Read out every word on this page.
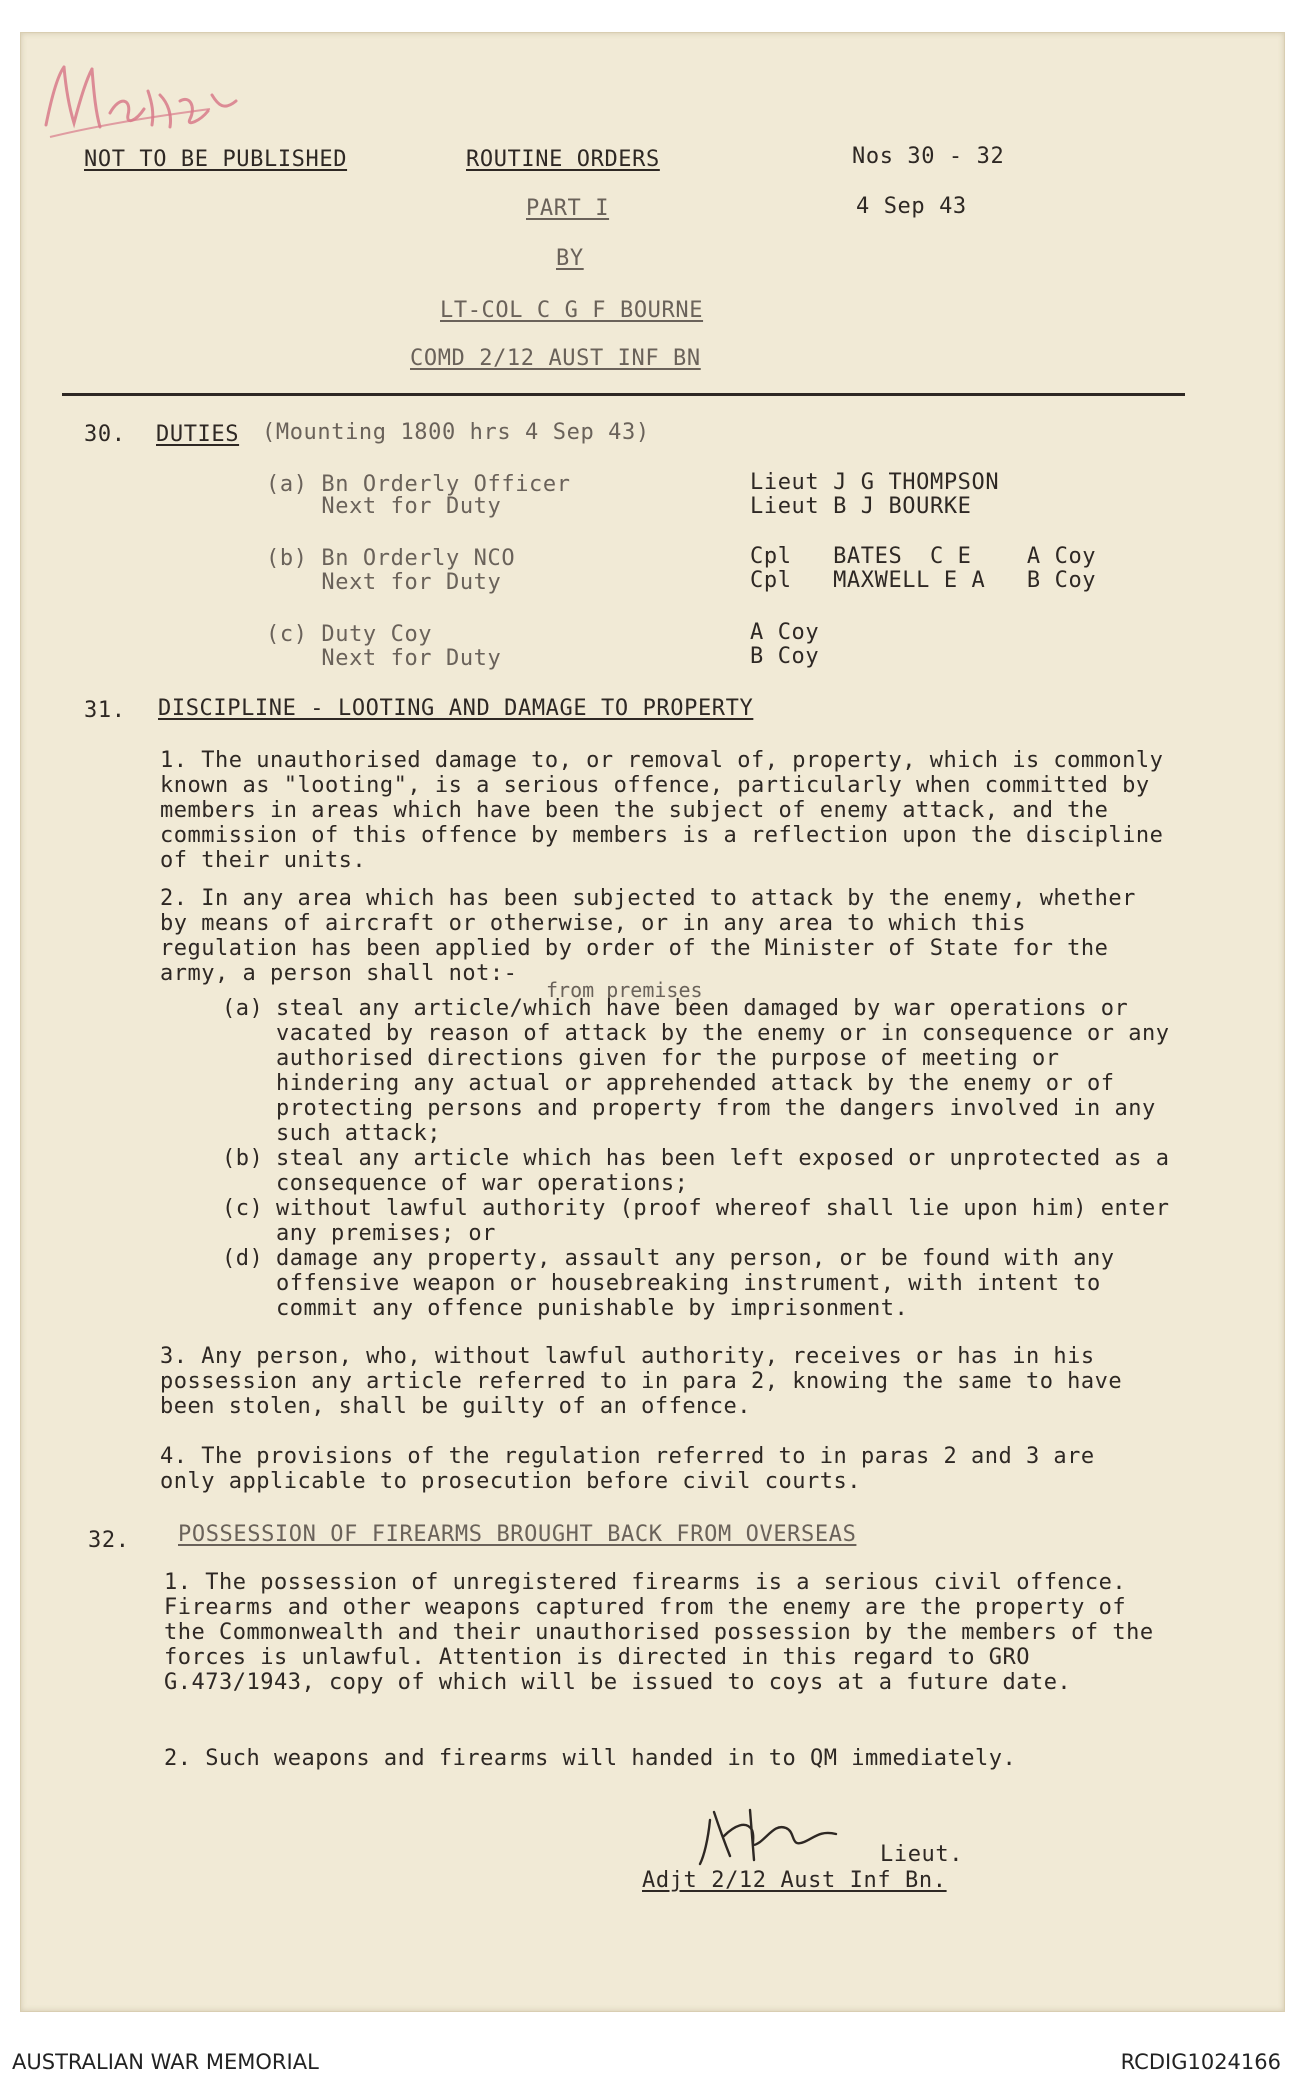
NOT TO BE PUBLISHED	ROUTINE ORDERS	Nos 30 - 32
PART I	4 Sep 43
BY
LT-COL C G F BOURNE
COMD 2/12 AUST INF BN
30. DUTIES (Mounting 1800 hrs 4 Sep 43)
(a) Bn Orderly Officer	Lieut J G THOMPSON
Next for Duty	Lieut B J BOURKE
(b) Bn Orderly NCO	Cpl   BATES  C E    A Coy
Next for Duty	Cpl   MAXWELL E A   B Coy
(c) Duty Coy	A Coy
Next for Duty	B Coy
31. DISCIPLINE - LOOTING AND DAMAGE TO PROPERTY
1. The unauthorised damage to, or removal of, property, which is commonly known as "looting", is a serious offence, particularly when committed by members in areas which have been the subject of enemy attack, and the commission of this offence by members is a reflection upon the discipline of their units.
2. In any area which has been subjected to attack by the enemy, whether by means of aircraft or otherwise, or in any area to which this regulation has been applied by order of the Minister of State for the army, a person shall not:-
from premises
(a) steal any article/which have been damaged by war operations or vacated by reason of attack by the enemy or in consequence or any authorised directions given for the purpose of meeting or hindering any actual or apprehended attack by the enemy or of protecting persons and property from the dangers involved in any such attack;
(b) steal any article which has been left exposed or unprotected as a consequence of war operations;
(c) without lawful authority (proof whereof shall lie upon him) enter any premises; or
(d) damage any property, assault any person, or be found with any offensive weapon or housebreaking instrument, with intent to commit any offence punishable by imprisonment.
3. Any person, who, without lawful authority, receives or has in his possession any article referred to in para 2, knowing the same to have been stolen, shall be guilty of an offence.
4. The provisions of the regulation referred to in paras 2 and 3 are only applicable to prosecution before civil courts.
32. POSSESSION OF FIREARMS BROUGHT BACK FROM OVERSEAS
1. The possession of unregistered firearms is a serious civil offence. Firearms and other weapons captured from the enemy are the property of the Commonwealth and their unauthorised possession by the members of the forces is unlawful. Attention is directed in this regard to GRO G.473/1943, copy of which will be issued to coys at a future date.
2. Such weapons and firearms will handed in to QM immediately.
Lieut.
Adjt 2/12 Aust Inf Bn.
AUSTRALIAN WAR MEMORIAL	RCDIG1024166
